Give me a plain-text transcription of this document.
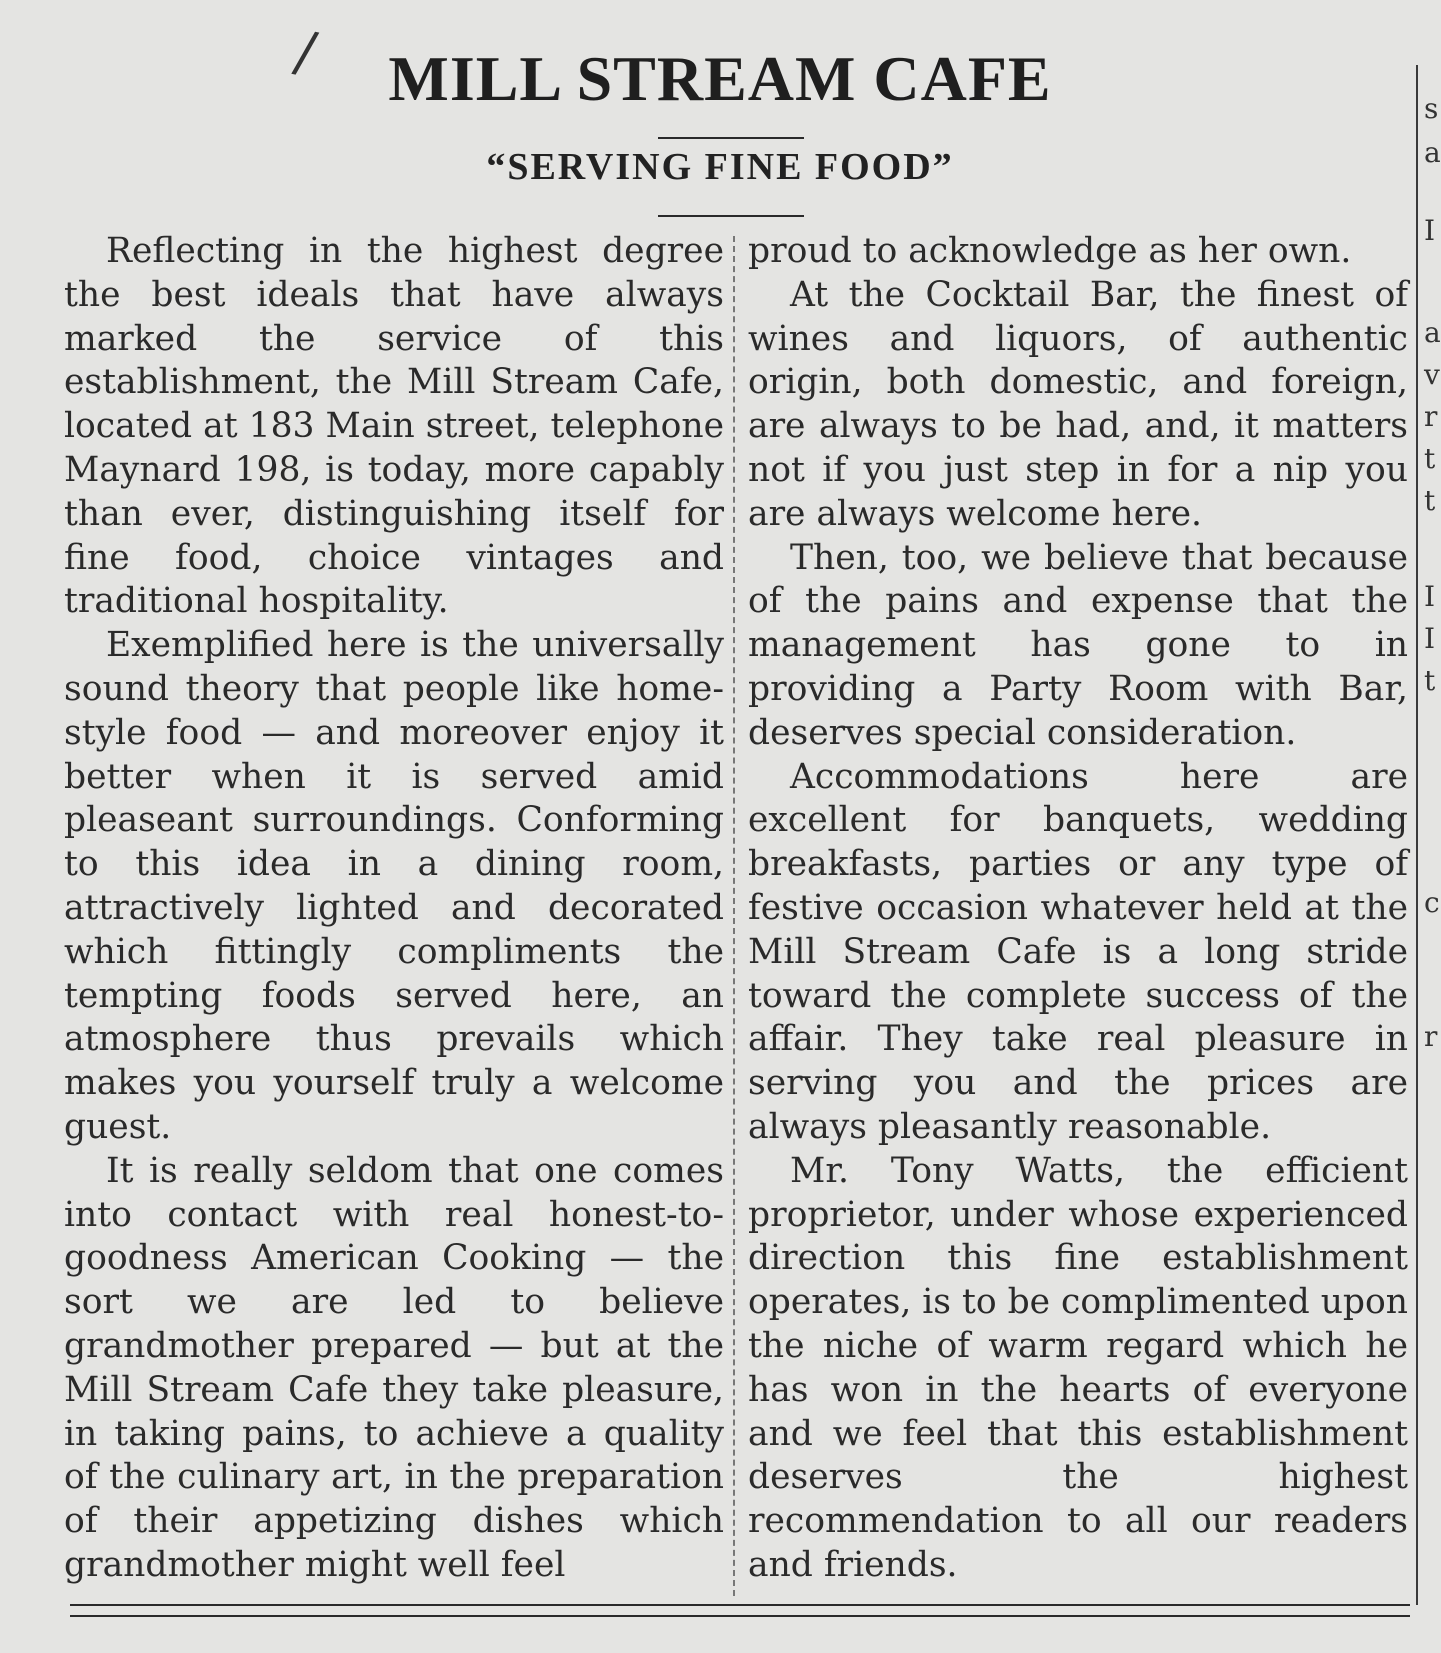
/	MILL STREAM CAFE
“SERVING FINE FOOD”

Reflecting in the highest degree the best ideals that have always marked the service of this establishment, the Mill Stream Cafe, located at 183 Main street, telephone Maynard 198, is today, more capably than ever, distinguishing itself for fine food, choice vintages and traditional hospitality.

Exemplified here is the universally sound theory that people like home-style food — and moreover enjoy it better when it is served amid pleaseant surroundings. Conforming to this idea in a dining room, attractively lighted and decorated which fittingly compliments the tempting foods served here, an atmosphere thus prevails which makes you yourself truly a welcome guest.

It is really seldom that one comes into contact with real honest-to-goodness American Cooking — the sort we are led to believe grandmother prepared — but at the Mill Stream Cafe they take pleasure, in taking pains, to achieve a quality of the culinary art, in the preparation of their appetizing dishes which grandmother might well feel

proud to acknowledge as her own.

At the Cocktail Bar, the finest of wines and liquors, of authentic origin, both domestic, and foreign, are always to be had, and, it matters not if you just step in for a nip you are always welcome here.

Then, too, we believe that because of the pains and expense that the management has gone to in providing a Party Room with Bar, deserves special consideration.

Accommodations here are excellent for banquets, wedding breakfasts, parties or any type of festive occasion whatever held at the Mill Stream Cafe is a long stride toward the complete success of the affair. They take real pleasure in serving you and the prices are always pleasantly reasonable.

Mr. Tony Watts, the efficient proprietor, under whose experienced direction this fine establishment operates, is to be complimented upon the niche of warm regard which he has won in the hearts of everyone and we feel that this establishment deserves the highest recommendation to all our readers and friends.

s
a
I
a
v
r
t
t
I
I
t
c
r
